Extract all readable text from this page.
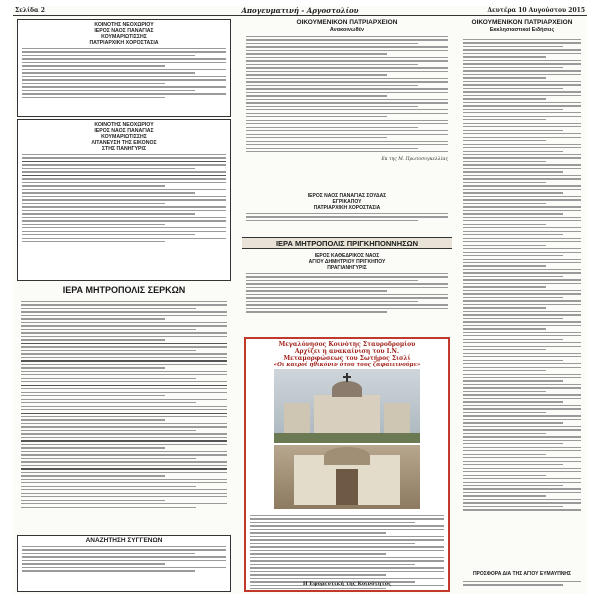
Σελίδα 2	Απογευματινή - Αργοστολίου	Δευτέρα 10 Αυγούστου 2015
ΚΟΙΝΟΤΗΣ ΝΕΟΧΩΡΙΟΥ
ΙΕΡΟΣ ΝΑΟΣ ΠΑΝΑΓΙΑΣ
ΚΟΥΜΑΡΙΩΤΙΣΣΗΣ
ΠΑΤΡΙΑΡΧΙΚΗ ΧΟΡΟΣΤΑΣΙΑ
ΚΟΙΝΟΤΗΣ ΝΕΟΧΩΡΙΟΥ
ΙΕΡΟΣ ΝΑΟΣ ΠΑΝΑΓΙΑΣ
ΚΟΥΜΑΡΙΩΤΙΣΣΗΣ
ΛΙΤΑΝΕΥΣΗ ΤΗΣ ΕΙΚΟΝΟΣ
ΣΤΗΣ ΠΑΝΗΓΥΡΙΣ
ΙΕΡΑ ΜΗΤΡΟΠΟΛΙΣ ΣΕΡΚΩΝ
ΑΝΑΖΗΤΗΣΗ ΣΥΓΓΕΝΩΝ
ΟΙΚΟΥΜΕΝΙΚΟΝ ΠΑΤΡΙΑΡΧΕΙΟΝ
Ανακοινωθέν
Εκ της Μ. Πρωτοσυγκελλίας
ΙΕΡΟΣ ΝΑΟΣ ΠΑΝΑΓΙΑΣ ΣΟΥΔΑΣ
ΕΓΡΙΚΑΠΟΥ
ΠΑΤΡΙΑΡΧΙΚΗ ΧΟΡΟΣΤΑΣΙΑ
ΙΕΡΑ ΜΗΤΡΟΠΟΛΙΣ ΠΡΙΓΚΗΠΟΝΝΗΣΩΝ
ΙΕΡΟΣ ΚΑΘΕΔΡΙΚΟΣ ΝΑΟΣ
ΑΓΙΟΥ ΔΗΜΗΤΡΙΟΥ ΠΡΙΓΚΗΠΟΥ
ΠΡΑΓΙΑΝΗΓΥΡΙΣ
Μεγαλόνησος Κοινότης Σταυροδρομίου
Αρχίζει η ανακαίνιση του Ι.Ν.
Μεταμορφώσεως του Σωτήρος Σισλί
«Οι καιροί ηθικόνιν ότου τους ζαφαιεινούμε»
Η Εφορευτική της Κοινότητος
ΟΙΚΟΥΜΕΝΙΚΟΝ ΠΑΤΡΙΑΡΧΕΙΟΝ
Εκκλησιαστικαί Ειδήσεις
ΠΡΟΣΦΟΡΑ ΔΙΑ ΤΗΣ ΑΓΙΟΥ ΕΥΜΑΥΠΝΗΣ
